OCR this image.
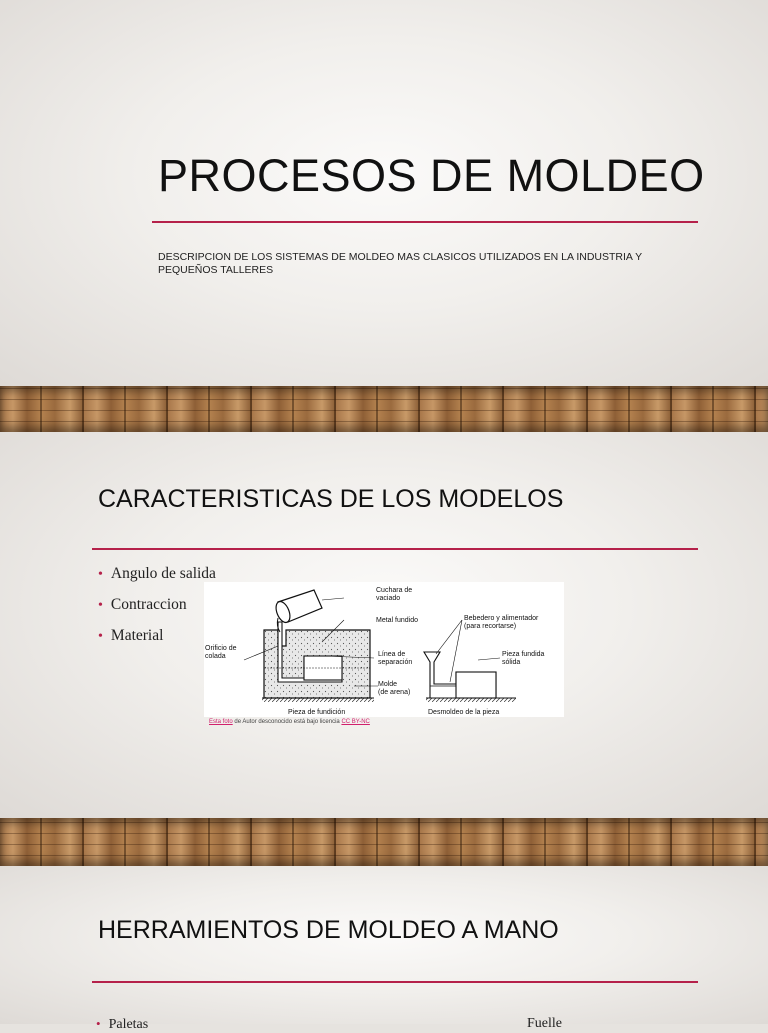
PROCESOS DE MOLDEO

DESCRIPCION DE LOS SISTEMAS DE MOLDEO MAS CLASICOS UTILIZADOS EN LA INDUSTRIA Y PEQUEÑOS TALLERES

CARACTERISTICAS DE LOS MODELOS
• Angulo de salida
• Contraccion
• Material
Cuchara de
vaciado
Metal fundido
Orificio de
colada	Línea de
separación
Molde
(de arena)
Pieza de fundición
Bebedero y alimentador
(para recortarse)
Pieza fundida
sólida
Desmoldeo de la pieza
Esta foto de Autor desconocido está bajo licencia CC BY-NC
HERRAMIENTOS DE MOLDEO A MANO
• Paletas	Fuelle
